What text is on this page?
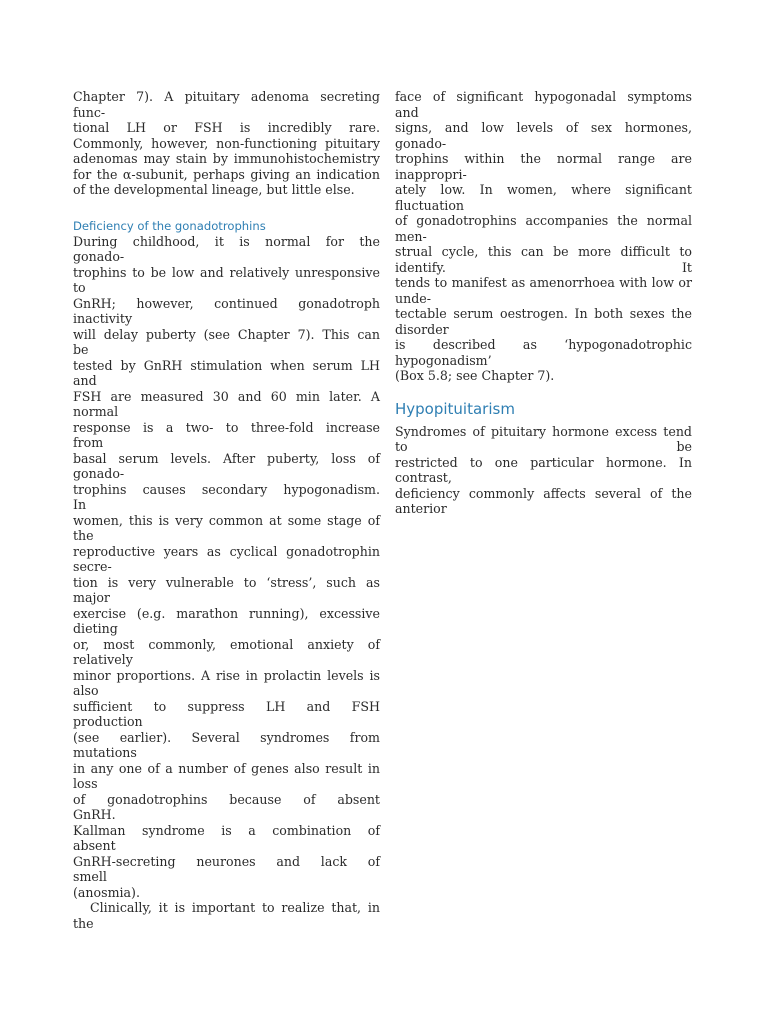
Chapter 7). A pituitary adenoma secreting
func-
tional LH or FSH is incredibly rare.
Commonly, however, non-functioning pituitary
adenomas may stain by immunohistochemistry
for the α-subunit, perhaps giving an indication
of the developmental lineage, but little else.
Deficiency of the gonadotrophins
During childhood, it is normal for the
gonado-
trophins to be low and relatively unresponsive
to
GnRH; however, continued gonadotroph
inactivity
will delay puberty (see Chapter 7). This can
be
tested by GnRH stimulation when serum LH
and
FSH are measured 30 and 60 min later. A
normal
response is a two- to three-fold increase
from
basal serum levels. After puberty, loss of
gonado-
trophins causes secondary hypogonadism.
In
women, this is very common at some stage of
the
reproductive years as cyclical gonadotrophin
secre-
tion is very vulnerable to ‘stress’, such as
major
exercise (e.g. marathon running), excessive
dieting
or, most commonly, emotional anxiety of
relatively
minor proportions. A rise in prolactin levels is
also
sufficient to suppress LH and FSH
production
(see earlier). Several syndromes from
mutations
in any one of a number of genes also result in
loss
of gonadotrophins because of absent
GnRH.
Kallman syndrome is a combination of
absent
GnRH-secreting neurones and lack of
smell
(anosmia).
Clinically, it is important to realize that, in
the
face of significant hypogonadal symptoms
and
signs, and low levels of sex hormones,
gonado-
trophins within the normal range are
inappropri-
ately low. In women, where significant
fluctuation
of gonadotrophins accompanies the normal
men-
strual cycle, this can be more difficult to
identify. It
tends to manifest as amenorrhoea with low or
unde-
tectable serum oestrogen. In both sexes the
disorder
is described as ‘hypogonadotrophic
hypogonadism’
(Box 5.8; see Chapter 7).
Hypopituitarism
Syndromes of pituitary hormone excess tend
to be
restricted to one particular hormone. In
contrast,
deficiency commonly affects several of the
anterior
